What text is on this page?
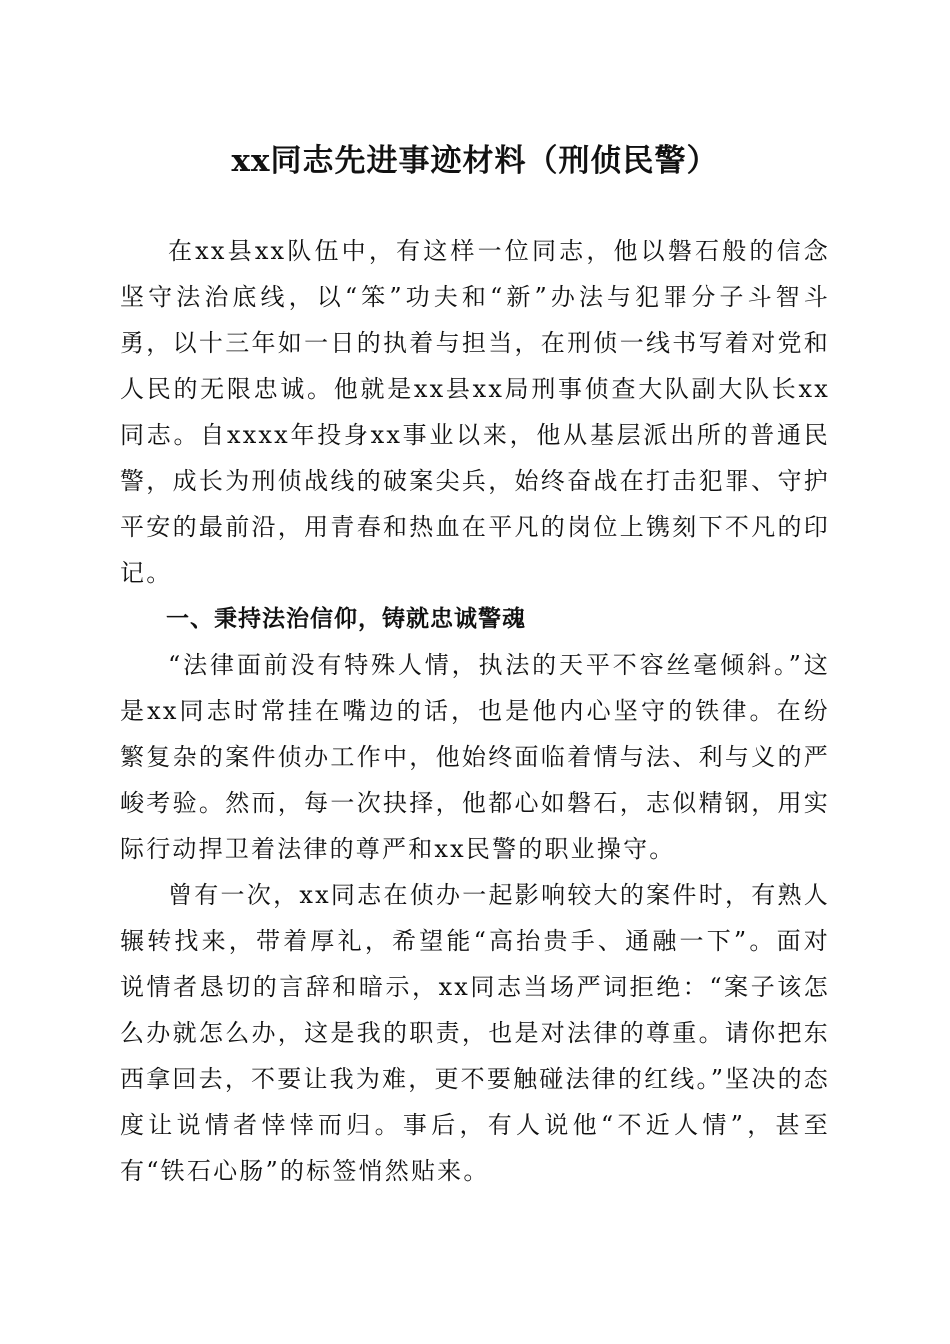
xx同志先进事迹材料（刑侦民警）

在xx县xx队伍中，有这样一位同志，他以磐石般的信念坚守法治底线，以“笨”功夫和“新”办法与犯罪分子斗智斗勇，以十三年如一日的执着与担当，在刑侦一线书写着对党和人民的无限忠诚。他就是xx县xx局刑事侦查大队副大队长xx同志。自xxxx年投身xx事业以来，他从基层派出所的普通民警，成长为刑侦战线的破案尖兵，始终奋战在打击犯罪、守护平安的最前沿，用青春和热血在平凡的岗位上镌刻下不凡的印记。

一、秉持法治信仰，铸就忠诚警魂

“法律面前没有特殊人情，执法的天平不容丝毫倾斜。”这是xx同志时常挂在嘴边的话，也是他内心坚守的铁律。在纷繁复杂的案件侦办工作中，他始终面临着情与法、利与义的严峻考验。然而，每一次抉择，他都心如磐石，志似精钢，用实际行动捍卫着法律的尊严和xx民警的职业操守。

曾有一次，xx同志在侦办一起影响较大的案件时，有熟人辗转找来，带着厚礼，希望能“高抬贵手、通融一下”。面对说情者恳切的言辞和暗示，xx同志当场严词拒绝：“案子该怎么办就怎么办，这是我的职责，也是对法律的尊重。请你把东西拿回去，不要让我为难，更不要触碰法律的红线。”坚决的态度让说情者悻悻而归。事后，有人说他“不近人情”，甚至有“铁石心肠”的标签悄然贴来。
